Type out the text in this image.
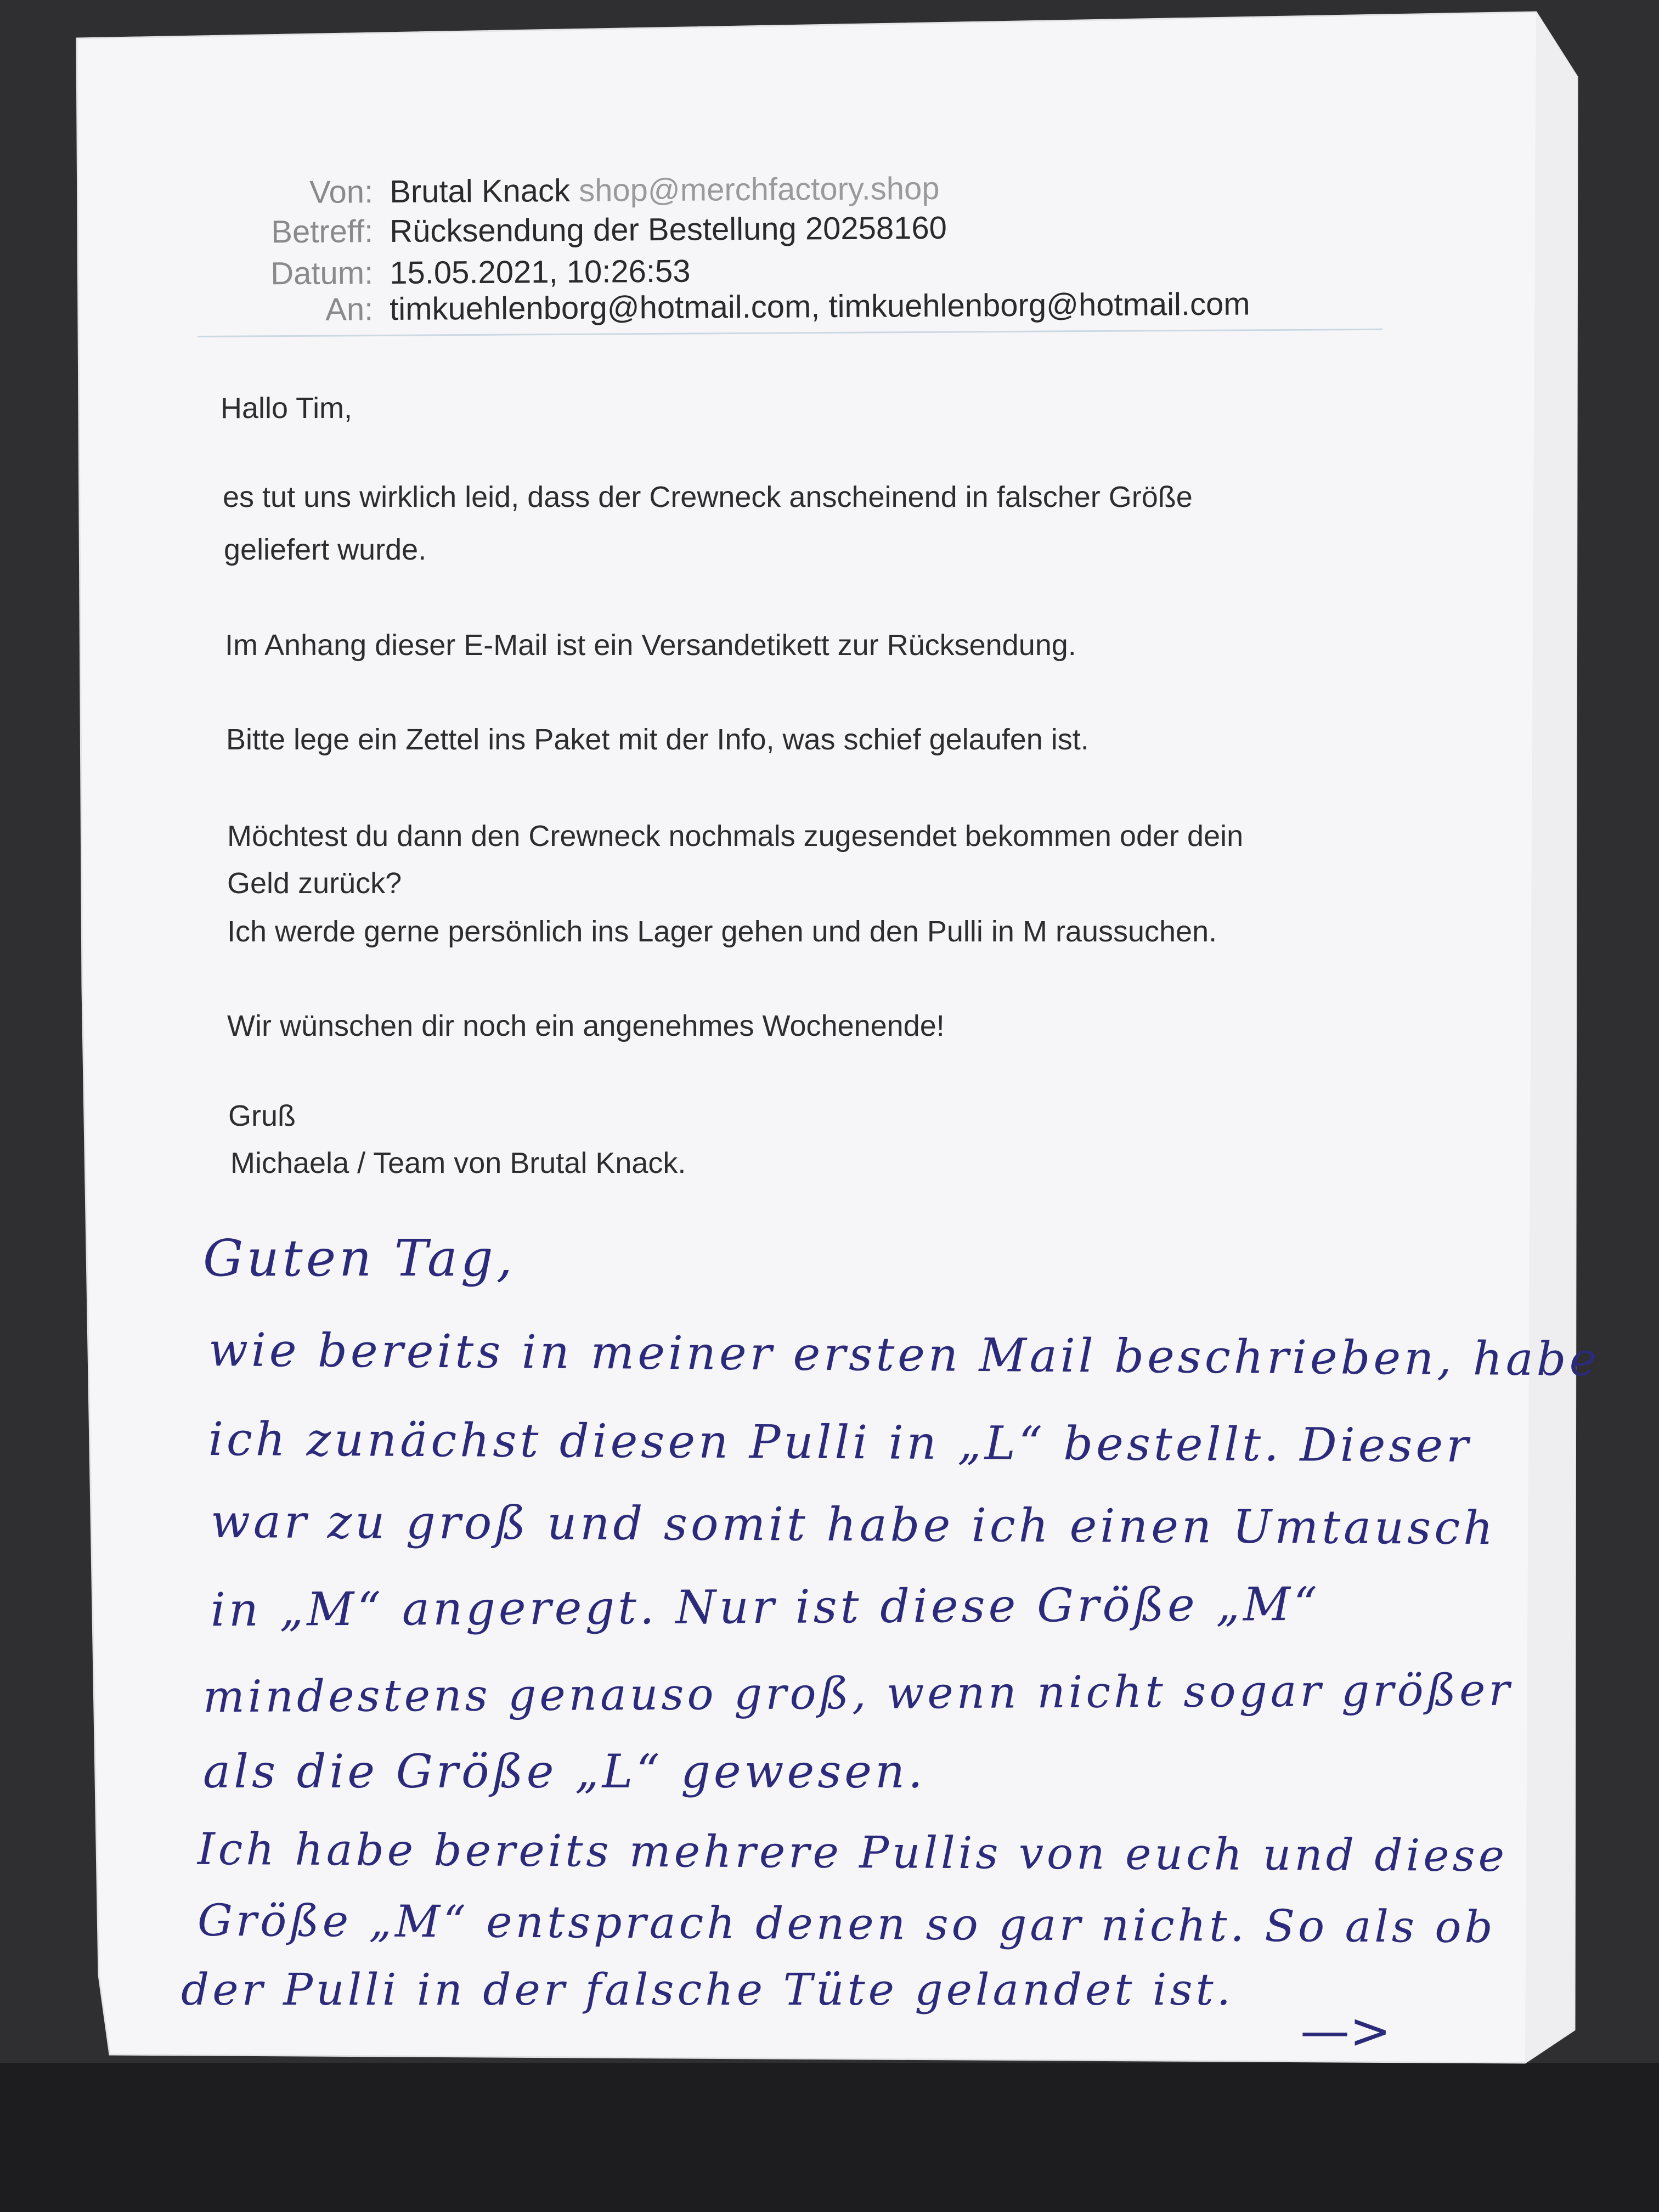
Von: Brutal Knack shop@merchfactory.shop
Betreff: Rücksendung der Bestellung 20258160
Datum: 15.05.2021, 10:26:53
An: timkuehlenborg@hotmail.com, timkuehlenborg@hotmail.com
Hallo Tim,
es tut uns wirklich leid, dass der Crewneck anscheinend in falscher Größe
geliefert wurde.
Im Anhang dieser E-Mail ist ein Versandetikett zur Rücksendung.
Bitte lege ein Zettel ins Paket mit der Info, was schief gelaufen ist.
Möchtest du dann den Crewneck nochmals zugesendet bekommen oder dein
Geld zurück?
Ich werde gerne persönlich ins Lager gehen und den Pulli in M raussuchen.
Wir wünschen dir noch ein angenehmes Wochenende!
Gruß
Michaela / Team von Brutal Knack.
Guten Tag,
wie bereits in meiner ersten Mail beschrieben, habe
ich zunächst diesen Pulli in „L“ bestellt. Dieser
war zu groß und somit habe ich einen Umtausch
in „M“ angeregt. Nur ist diese Größe „M“
mindestens genauso groß, wenn nicht sogar größer
als die Größe „L“ gewesen.
Ich habe bereits mehrere Pullis von euch und diese
Größe „M“ entsprach denen so gar nicht. So als ob
der Pulli in der falsche Tüte gelandet ist.
—>
